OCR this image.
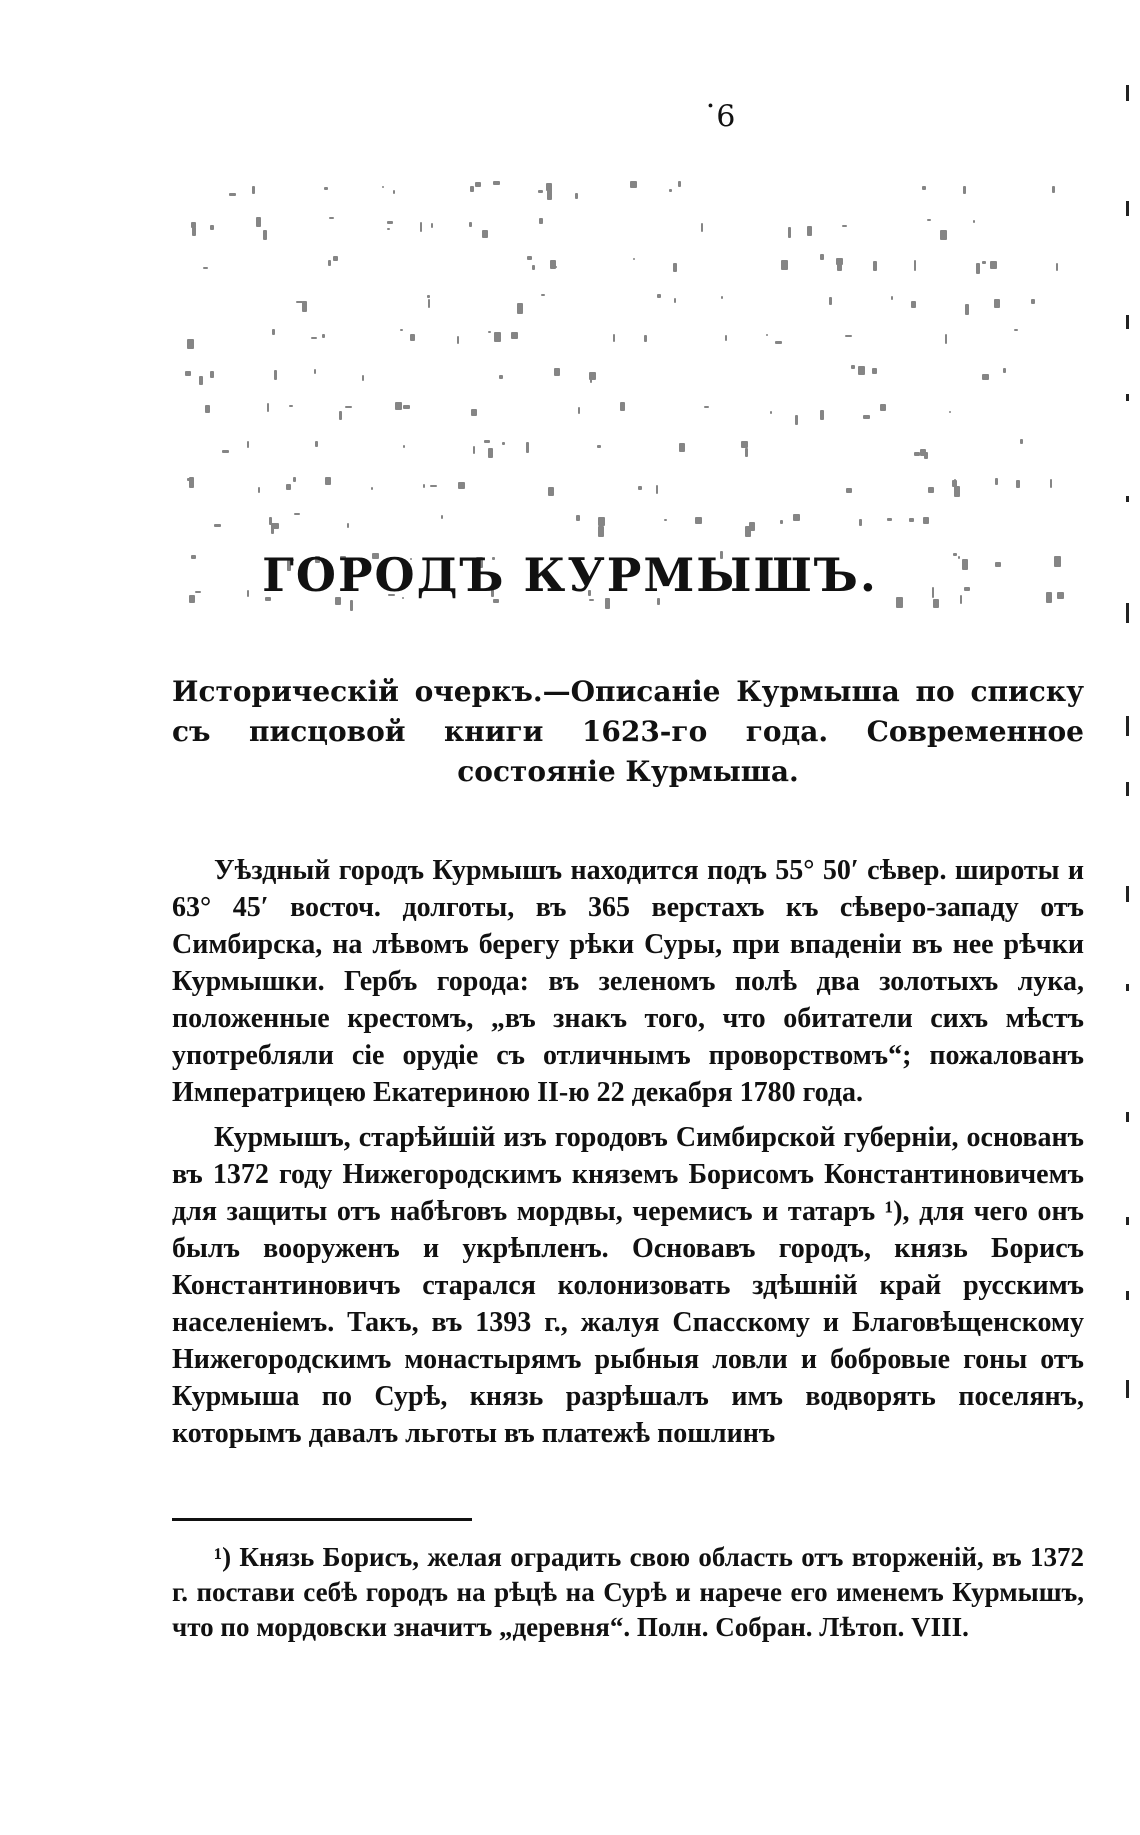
9.
ГОРОДЪ КУРМЫШЪ.
Историческій очеркъ.—Описаніе Курмыша по списку съ писцовой книги 1623-го года. Современное состояніе Курмыша.

Уѣздный городъ Курмышъ находится подъ 55° 50′ сѣвер. широты и 63° 45′ восточ. долготы, въ 365 верстахъ къ сѣверо-западу отъ Симбирска, на лѣвомъ берегу рѣки Суры, при впаденіи въ нее рѣчки Курмышки. Гербъ города: въ зеленомъ полѣ два золотыхъ лука, положенные крестомъ, „въ знакъ того, что обитатели сихъ мѣстъ употребляли сіе орудіе съ отличнымъ проворствомъ“; пожалованъ Императрицею Екатериною II-ю 22 декабря 1780 года.

Курмышъ, старѣйшій изъ городовъ Симбирской губерніи, основанъ въ 1372 году Нижегородскимъ княземъ Борисомъ Константиновичемъ для защиты отъ набѣговъ мордвы, черемисъ и татаръ ¹), для чего онъ былъ вооруженъ и укрѣпленъ. Основавъ городъ, князь Борисъ Константиновичъ старался колонизовать здѣшній край русскимъ населеніемъ. Такъ, въ 1393 г., жалуя Спасскому и Благовѣщенскому Нижегородскимъ монастырямъ рыбныя ловли и бобровые гоны отъ Курмыша по Сурѣ, князь разрѣшалъ имъ водворять поселянъ, которымъ давалъ льготы въ платежѣ пошлинъ

¹) Князь Борисъ, желая оградить свою область отъ вторженій, въ 1372 г. постави себѣ городъ на рѣцѣ на Сурѣ и нарече его именемъ Курмышъ, что по мордовски значитъ „деревня“. Полн. Собран. Лѣтоп. VIII.
